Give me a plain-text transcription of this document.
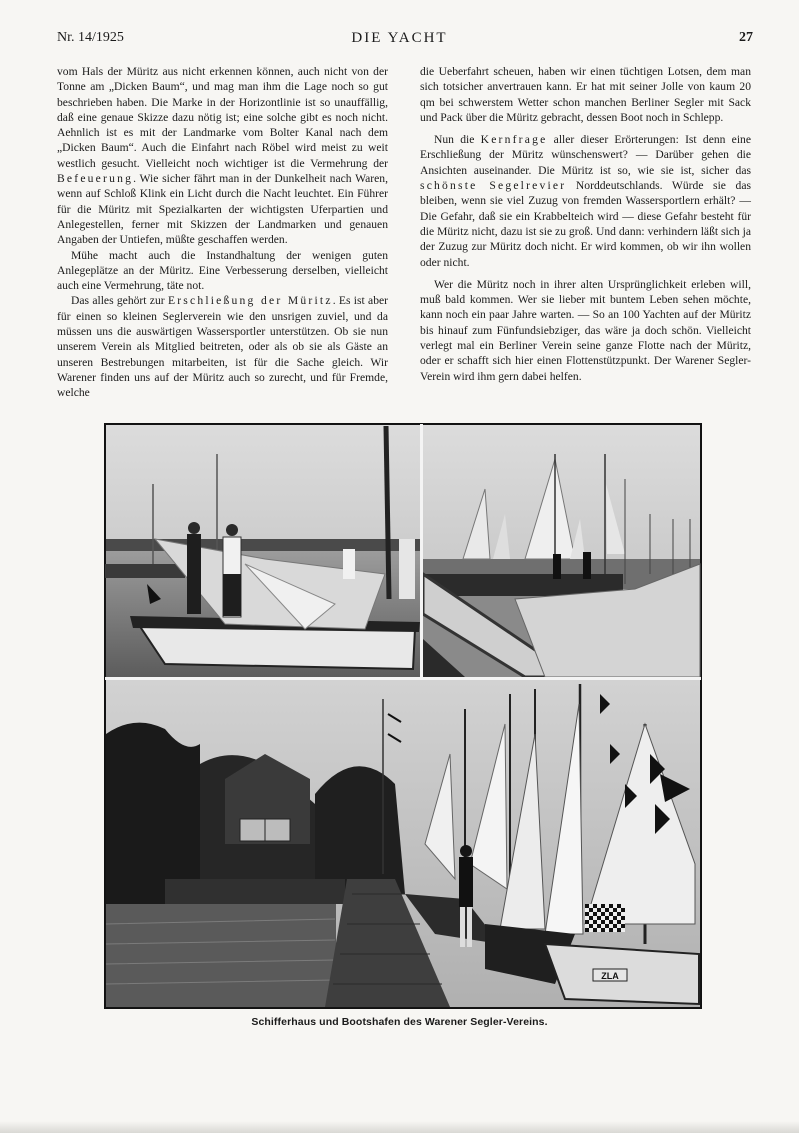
Nr. 14/1925	DIE YACHT	27

vom Hals der Müritz aus nicht erkennen können, auch nicht von der Tonne am „Dicken Baum“, und mag man ihm die Lage noch so gut beschrieben haben. Die Marke in der Horizontlinie ist so unauffällig, daß eine genaue Skizze dazu nötig ist; eine solche gibt es noch nicht. Aehnlich ist es mit der Landmarke vom Bolter Kanal nach dem „Dicken Baum“. Auch die Einfahrt nach Röbel wird meist zu weit westlich gesucht. Vielleicht noch wichtiger ist die Vermehrung der Befeuerung. Wie sicher fährt man in der Dunkelheit nach Waren, wenn auf Schloß Klink ein Licht durch die Nacht leuchtet. Ein Führer für die Müritz mit Spezialkarten der wichtigsten Uferpartien und Anlegestellen, ferner mit Skizzen der Landmarken und genauen Angaben der Untiefen, müßte geschaffen werden.

Mühe macht auch die Instandhaltung der wenigen guten Anlegeplätze an der Müritz. Eine Verbesserung derselben, vielleicht auch eine Vermehrung, täte not.

Das alles gehört zur Erschließung der Müritz. Es ist aber für einen so kleinen Seglerverein wie den unsrigen zuviel, und da müssen uns die auswärtigen Wassersportler unterstützen. Ob sie nun unserem Verein als Mitglied beitreten, oder als ob sie als Gäste an unseren Bestrebungen mitarbeiten, ist für die Sache gleich. Wir Warener finden uns auf der Müritz auch so zurecht, und für Fremde, welche

die Ueberfahrt scheuen, haben wir einen tüchtigen Lotsen, dem man sich totsicher anvertrauen kann. Er hat mit seiner Jolle von kaum 20 qm bei schwerstem Wetter schon manchen Berliner Segler mit Sack und Pack über die Müritz gebracht, dessen Boot noch in Schlepp.

Nun die Kernfrage aller dieser Erörterungen: Ist denn eine Erschließung der Müritz wünschenswert? — Darüber gehen die Ansichten auseinander. Die Müritz ist so, wie sie ist, sicher das schönste Segelrevier Norddeutschlands. Würde sie das bleiben, wenn sie viel Zuzug von fremden Wassersportlern erhält? — Die Gefahr, daß sie ein Krabbelteich wird — diese Gefahr besteht für die Müritz nicht, dazu ist sie zu groß. Und dann: verhindern läßt sich ja der Zuzug zur Müritz doch nicht. Er wird kommen, ob wir ihn wollen oder nicht.

Wer die Müritz noch in ihrer alten Ursprünglichkeit erleben will, muß bald kommen. Wer sie lieber mit buntem Leben sehen möchte, kann noch ein paar Jahre warten. — So an 100 Yachten auf der Müritz bis hinauf zum Fünfundsiebziger, das wäre ja doch schön. Vielleicht verlegt mal ein Berliner Verein seine ganze Flotte nach der Müritz, oder er schafft sich hier einen Flottenstützpunkt. Der Warener Segler-Verein wird ihm gern dabei helfen.

ZLA
Schifferhaus und Bootshafen des Warener Segler-Vereins.
